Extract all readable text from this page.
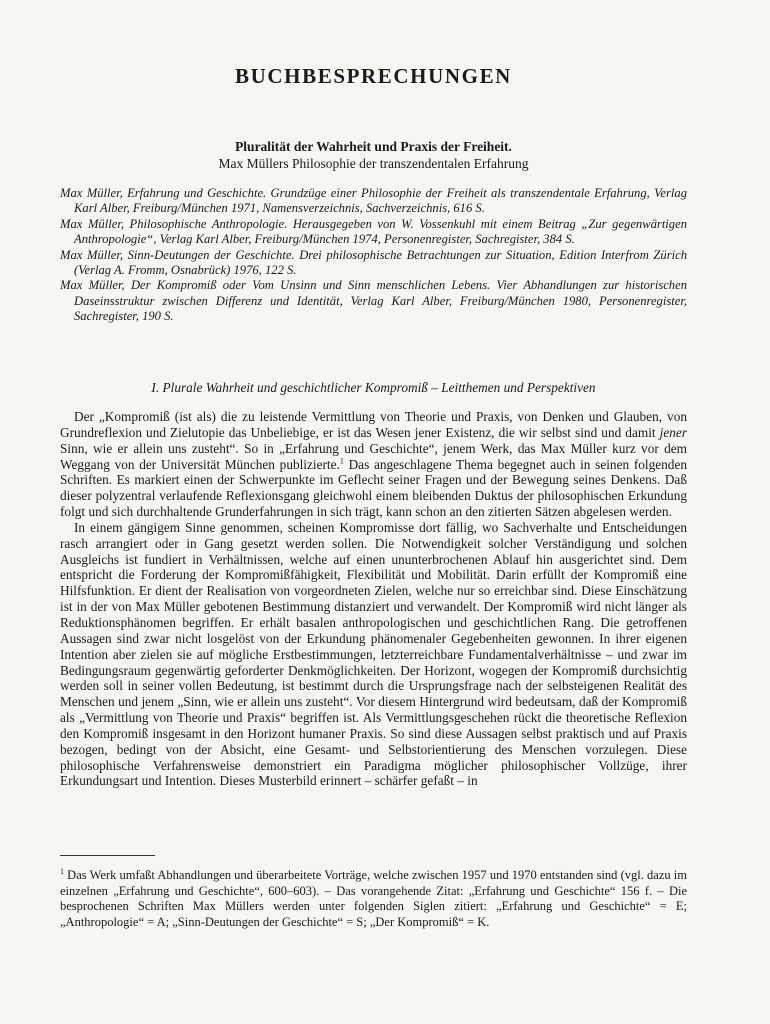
BUCHBESPRECHUNGEN
Pluralität der Wahrheit und Praxis der Freiheit.
Max Müllers Philosophie der transzendentalen Erfahrung
Max Müller, Erfahrung und Geschichte. Grundzüge einer Philosophie der Freiheit als transzendentale Erfahrung, Verlag Karl Alber, Freiburg/München 1971, Namensverzeichnis, Sachverzeichnis, 616 S.
Max Müller, Philosophische Anthropologie. Herausgegeben von W. Vossenkuhl mit einem Beitrag „Zur gegenwärtigen Anthropologie“, Verlag Karl Alber, Freiburg/München 1974, Personenregister, Sachregister, 384 S.
Max Müller, Sinn-Deutungen der Geschichte. Drei philosophische Betrachtungen zur Situation, Edition Interfrom Zürich (Verlag A. Fromm, Osnabrück) 1976, 122 S.
Max Müller, Der Kompromiß oder Vom Unsinn und Sinn menschlichen Lebens. Vier Abhandlungen zur historischen Daseinsstruktur zwischen Differenz und Identität, Verlag Karl Alber, Freiburg/München 1980, Personenregister, Sachregister, 190 S.
I. Plurale Wahrheit und geschichtlicher Kompromiß – Leitthemen und Perspektiven

Der „Kompromiß (ist als) die zu leistende Vermittlung von Theorie und Praxis, von Denken und Glauben, von Grundreflexion und Zielutopie das Unbeliebige, er ist das Wesen jener Existenz, die wir selbst sind und damit jener Sinn, wie er allein uns zusteht“. So in „Erfahrung und Geschichte“, jenem Werk, das Max Müller kurz vor dem Weggang von der Universität München publizierte.$^1$ Das angeschlagene Thema begegnet auch in seinen folgenden Schriften. Es markiert einen der Schwerpunkte im Geflecht seiner Fragen und der Bewegung seines Denkens. Daß dieser polyzentral verlaufende Reflexionsgang gleichwohl einem bleibenden Duktus der philosophischen Erkundung folgt und sich durchhaltende Grunderfahrungen in sich trägt, kann schon an den zitierten Sätzen abgelesen werden.

In einem gängigem Sinne genommen, scheinen Kompromisse dort fällig, wo Sachverhalte und Entscheidungen rasch arrangiert oder in Gang gesetzt werden sollen. Die Notwendigkeit solcher Verständigung und solchen Ausgleichs ist fundiert in Verhältnissen, welche auf einen ununterbrochenen Ablauf hin ausgerichtet sind. Dem entspricht die Forderung der Kompromißfähigkeit, Flexibilität und Mobilität. Darin erfüllt der Kompromiß eine Hilfsfunktion. Er dient der Realisation von vorgeordneten Zielen, welche nur so erreichbar sind. Diese Einschätzung ist in der von Max Müller gebotenen Bestimmung distanziert und verwandelt. Der Kompromiß wird nicht länger als Reduktionsphänomen begriffen. Er erhält basalen anthropologischen und geschichtlichen Rang. Die getroffenen Aussagen sind zwar nicht losgelöst von der Erkundung phänomenaler Gegebenheiten gewonnen. In ihrer eigenen Intention aber zielen sie auf mögliche Erstbestimmungen, letzterreichbare Fundamentalverhältnisse – und zwar im Bedingungsraum gegenwärtig geforderter Denkmöglichkeiten. Der Horizont, wogegen der Kompromiß durchsichtig werden soll in seiner vollen Bedeutung, ist bestimmt durch die Ursprungsfrage nach der selbsteigenen Realität des Menschen und jenem „Sinn, wie er allein uns zusteht“. Vor diesem Hintergrund wird bedeutsam, daß der Kompromiß als „Vermittlung von Theorie und Praxis“ begriffen ist. Als Vermittlungsgeschehen rückt die theoretische Reflexion den Kompromiß insgesamt in den Horizont humaner Praxis. So sind diese Aussagen selbst praktisch und auf Praxis bezogen, bedingt von der Absicht, eine Gesamt- und Selbstorientierung des Menschen vorzulegen. Diese philosophische Verfahrensweise demonstriert ein Paradigma möglicher philosophischer Vollzüge, ihrer Erkundungsart und Intention. Dieses Musterbild erinnert – schärfer gefaßt – in

$^1$ Das Werk umfaßt Abhandlungen und überarbeitete Vorträge, welche zwischen 1957 und 1970 entstanden sind (vgl. dazu im einzelnen „Erfahrung und Geschichte“, 600–603). – Das vorangehende Zitat: „Erfahrung und Geschichte“ 156 f. – Die besprochenen Schriften Max Müllers werden unter folgenden Siglen zitiert: „Erfahrung und Geschichte“ = E; „Anthropologie“ = A; „Sinn-Deutungen der Geschichte“ = S; „Der Kompromiß“ = K.
